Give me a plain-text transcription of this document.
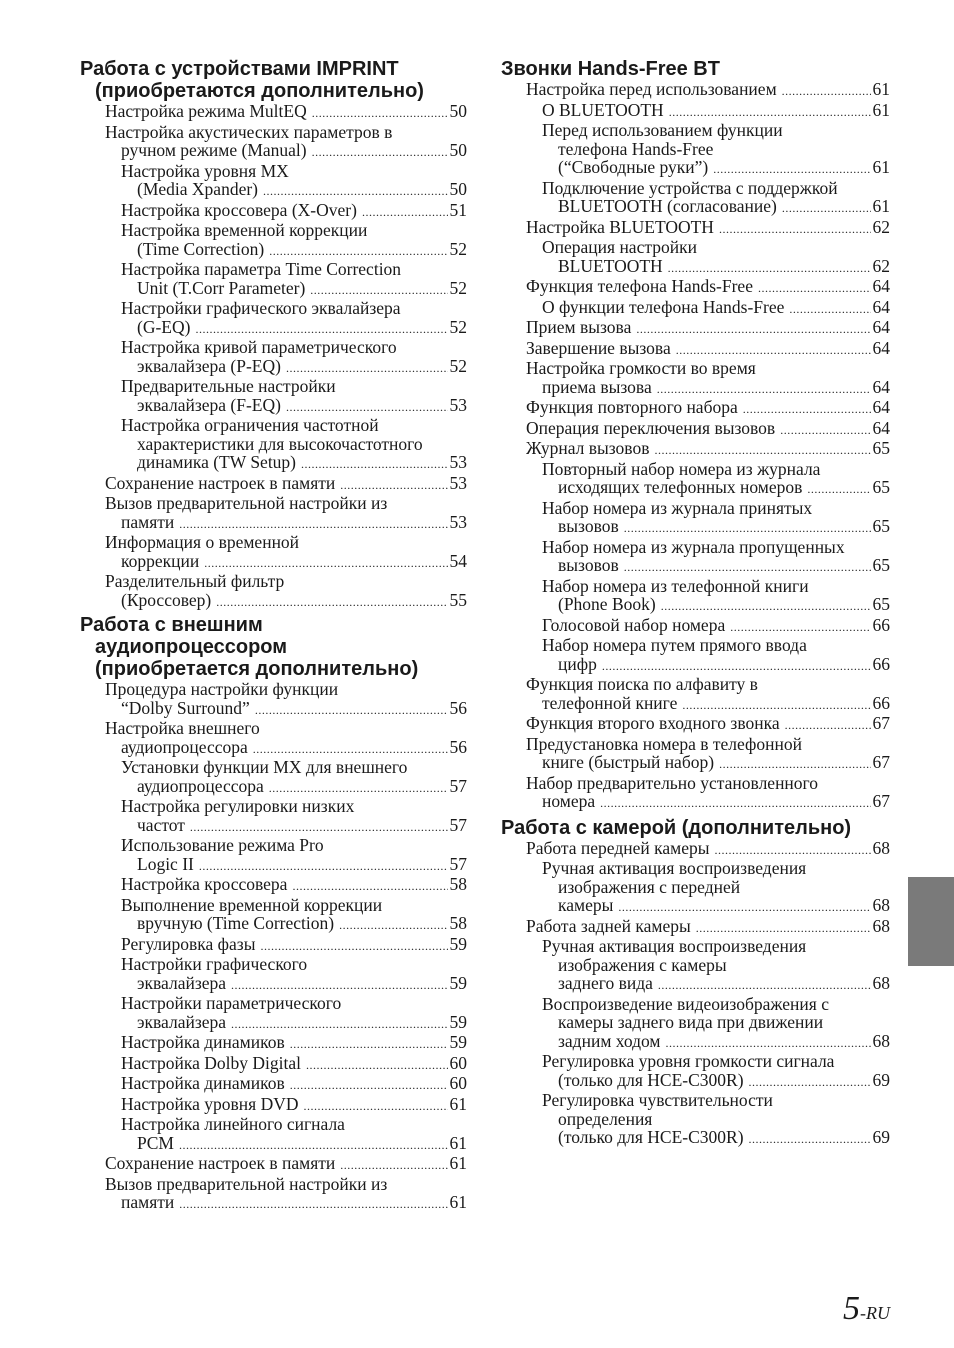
Работа с устройствами IMPRINT
(приобретаются дополнительно)
Настройка режима MultEQ .....	50
Настройка акустических параметров в
ручном режиме (Manual) .....	50
Настройка уровня MX
(Media Xpander) .....	50
Настройка кроссовера (X-Over) .....	51
Настройка временной коррекции
(Time Correction) .....	52
Настройка параметра Time Correction
Unit (T.Corr Parameter) .....	52
Настройки графического эквалайзера
(G-EQ) .....	52
Настройка кривой параметрического
эквалайзера (P-EQ) .....	52
Предварительные настройки
эквалайзера (F-EQ) .....	53
Настройка ограничения частотной
характеристики для высокочастотного
динамика (TW Setup) .....	53
Сохранение настроек в памяти .....	53
Вызов предварительной настройки из
памяти .....	53
Информация о временной
коррекции .....	54
Разделительный фильтр
(Кроссовер) .....	55
Работа с внешним
аудиопроцессором
(приобретается дополнительно)
Процедура настройки функции
“Dolby Surround” .....	56
Настройка внешнего
аудиопроцессора .....	56
Установки функции MX для внешнего
аудиопроцессора .....	57
Настройка регулировки низких
частот .....	57
Использование режима Pro
Logic II .....	57
Настройка кроссовера .....	58
Выполнение временной коррекции
вручную (Time Correction) .....	58
Регулировка фазы .....	59
Настройки графического
эквалайзера .....	59
Настройки параметрического
эквалайзера .....	59
Настройка динамиков .....	59
Настройка Dolby Digital .....	60
Настройка динамиков .....	60
Настройка уровня DVD .....	61
Настройка линейного сигнала
PCM .....	61
Сохранение настроек в памяти .....	61
Вызов предварительной настройки из
памяти .....	61
Звонки Hands-Free BT
Настройка перед использованием .....	61
О BLUETOOTH .....	61
Перед использованием функции
телефона Hands-Free
(“Свободные руки”) .....	61
Подключение устройства с поддержкой
BLUETOOTH (согласование) .....	61
Настройка BLUETOOTH .....	62
Операция настройки
BLUETOOTH .....	62
Функция телефона Hands-Free .....	64
О функции телефона Hands-Free .....	64
Прием вызова .....	64
Завершение вызова .....	64
Настройка громкости во время
приема вызова .....	64
Функция повторного набора .....	64
Операция переключения вызовов .....	64
Журнал вызовов .....	65
Повторный набор номера из журнала
исходящих телефонных номеров .....	65
Набор номера из журнала принятых
вызовов .....	65
Набор номера из журнала пропущенных
вызовов .....	65
Набор номера из телефонной книги
(Phone Book) .....	65
Голосовой набор номера .....	66
Набор номера путем прямого ввода
цифр .....	66
Функция поиска по алфавиту в
телефонной книге .....	66
Функция второго входного звонка .....	67
Предустановка номера в телефонной
книге (быстрый набор) .....	67
Набор предварительно установленного
номера .....	67
Работа с камерой (дополнительно)
Работа передней камеры .....	68
Ручная активация воспроизведения
изображения с передней
камеры .....	68
Работа задней камеры .....	68
Ручная активация воспроизведения
изображения с камеры
заднего вида .....	68
Воспроизведение видеоизображения с
камеры заднего вида при движении
задним ходом .....	68
Регулировка уровня громкости сигнала
(только для HCE-C300R) .....	69
Регулировка чувствительности
определения
(только для HCE-C300R) .....	69
5-RU
